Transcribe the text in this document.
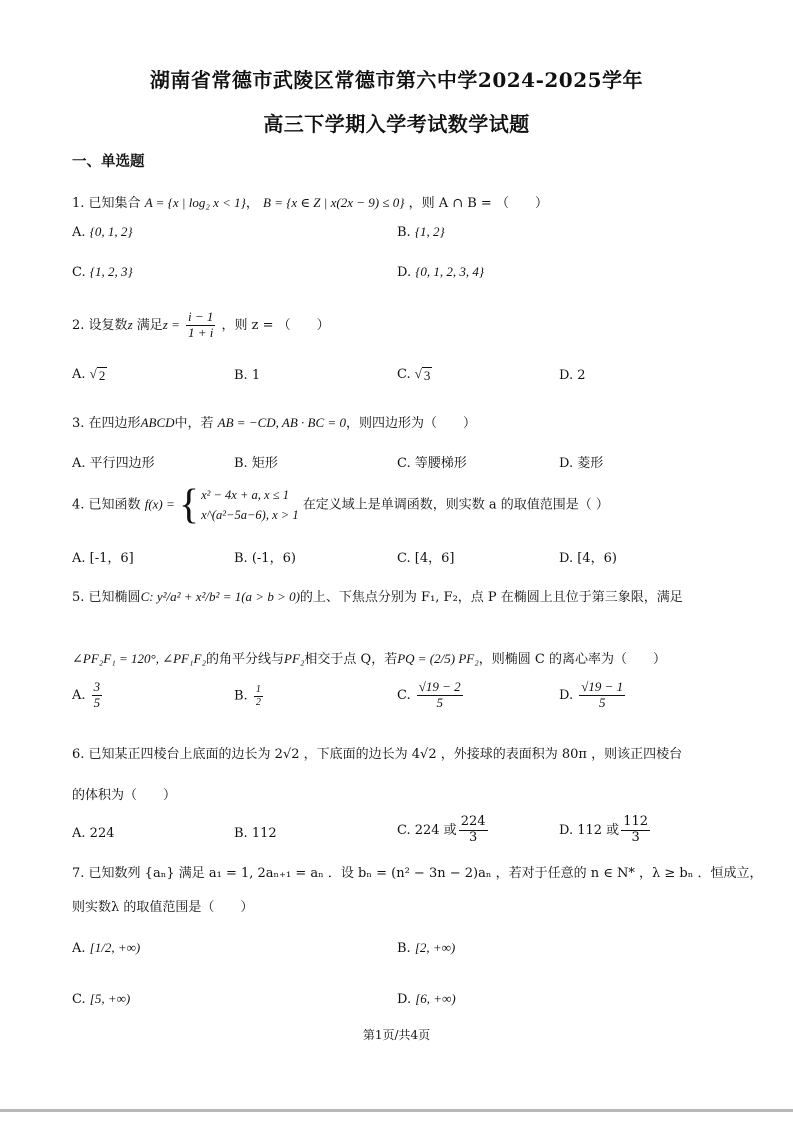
湖南省常德市武陵区常德市第六中学2024-2025学年
高三下学期入学考试数学试题
一、单选题
1. 已知集合 A = {x | log₂ x < 1}， B = {x ∈ Z | x(2x − 9) ≤ 0} ，则 A ∩ B = （　　）
A. {0, 1, 2}	B. {1, 2}
C. {1, 2, 3}	D. {0, 1, 2, 3, 4}
2. 设复数z 满足$z = \frac{i - 1}{1 + i}$ ，则 z = （　　）
A. √ 2	B. 1	C. √ 3	D. 2
3. 在四边形ABCD中，若 AB = −CD, AB · BC = 0，则四边形为（　　）
A. 平行四边形	B. 矩形	C. 等腰梯形	D. 菱形
4. 已知函数 f(x) = { x² − 4x + a, x ≤ 1
x^(a²−5a−6), x > 1
在定义域上是单调函数，则实数 a 的取值范围是（ ）
A. [-1，6]	B. (-1，6)	C. [4，6]	D. [4，6)
5. 已知椭圆C: y²/a² + x²/b² = 1(a > b > 0)的上、下焦点分别为 F₁, F₂，点 P 在椭圆上且位于第三象限，满足
∠PF₂F₁ = 120°, ∠PF₁F₂的角平分线与PF₂相交于点 Q，若PQ = (2/5) PF₂，则椭圆 C 的离心率为（　　）
A. $\frac{3}{5}$	B. $\frac{1}{2}$	C. $\frac{√19 - 2}{5}$	D. $\frac{√19 - 1}{5}$
6. 已知某正四棱台上底面的边长为 2√2 ，下底面的边长为 4√2 ，外接球的表面积为 80π ，则该正四棱台
的体积为（　　）
A. 224	B. 112	C. 224 或 $\frac{224}{3}$	D. 112 或 $\frac{112}{3}$
7. 已知数列 {aₙ} 满足 a₁ = 1, 2aₙ₊₁ = aₙ ．设 bₙ = (n² − 3n − 2)aₙ ，若对于任意的 n ∈ N* ，λ ≥ bₙ ．恒成立，
则实数λ 的取值范围是（　　）
A. [1/2, +∞)	B. [2, +∞)
C. [5, +∞)	D. [6, +∞)
第1页/共4页
